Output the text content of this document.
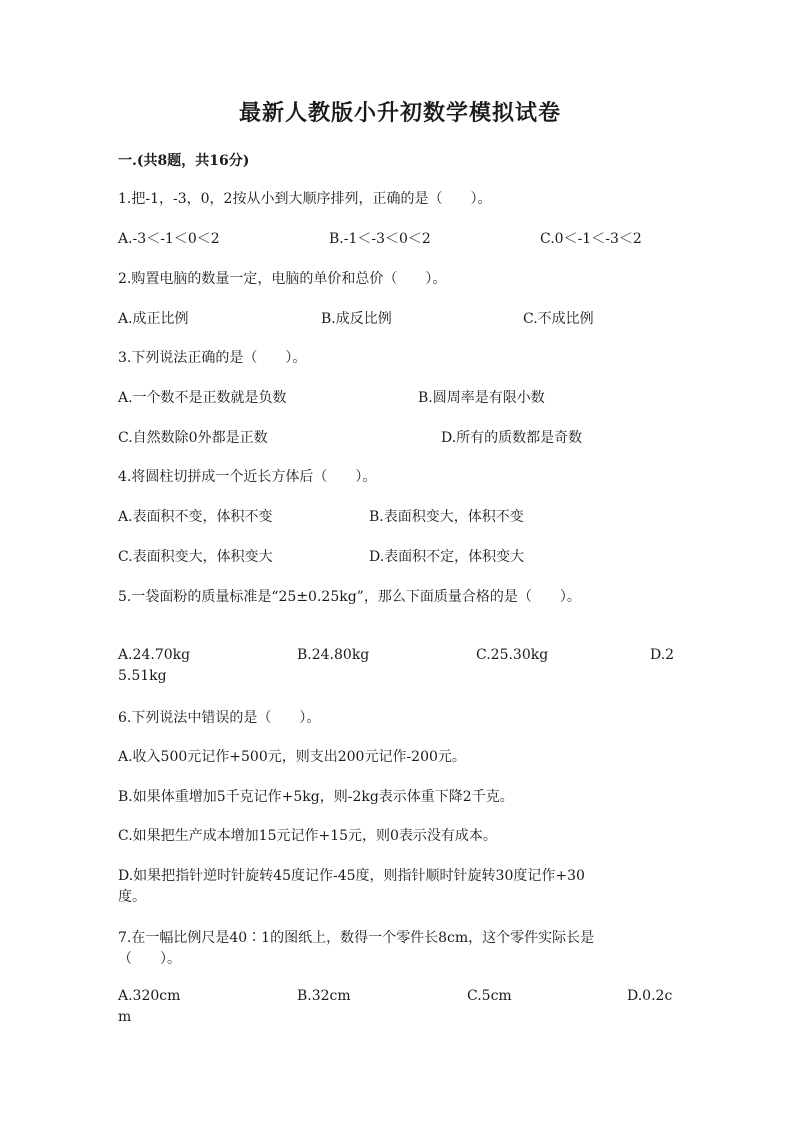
最新人教版小升初数学模拟试卷
一.(共8题，共16分)
1.把-1，-3，0，2按从小到大顺序排列，正确的是（　　）。
A.-3＜-1＜0＜2	B.-1＜-3＜0＜2	C.0＜-1＜-3＜2
2.购置电脑的数量一定，电脑的单价和总价（　　）。
A.成正比例	B.成反比例	C.不成比例
3.下列说法正确的是（　　）。
A.一个数不是正数就是负数	B.圆周率是有限小数
C.自然数除0外都是正数	D.所有的质数都是奇数
4.将圆柱切拼成一个近长方体后（　　）。
A.表面积不变，体积不变	B.表面积变大，体积不变
C.表面积变大，体积变大	D.表面积不定，体积变大
5.一袋面粉的质量标准是“25±0.25kg”，那么下面质量合格的是（　　）。
A.24.70kg	B.24.80kg	C.25.30kg	D.2
5.51kg
6.下列说法中错误的是（　　）。
A.收入500元记作+500元，则支出200元记作-200元。
B.如果体重增加5千克记作+5kg，则-2kg表示体重下降2千克。
C.如果把生产成本增加15元记作+15元，则0表示没有成本。
D.如果把指针逆时针旋转45度记作-45度，则指针顺时针旋转30度记作+30
度。
7.在一幅比例尺是40∶1的图纸上，数得一个零件长8cm，这个零件实际长是
（　　）。
A.320cm	B.32cm	C.5cm	D.0.2c
m
